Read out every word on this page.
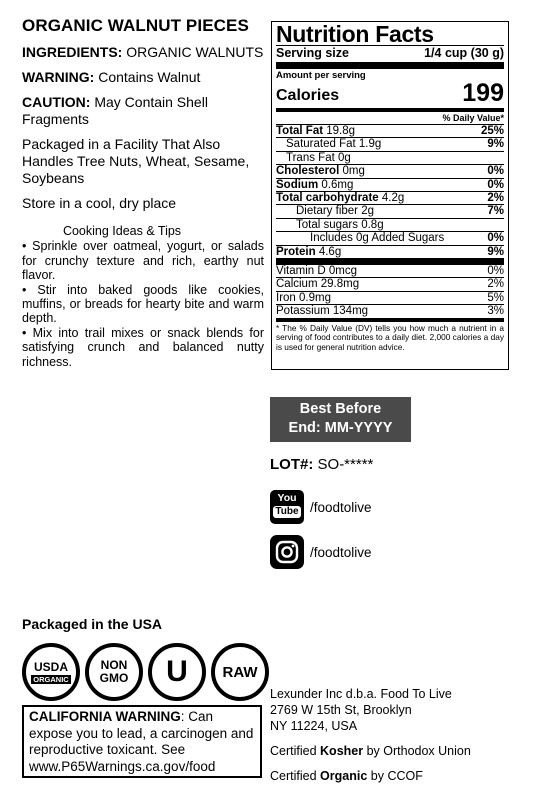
ORGANIC WALNUT PIECES
INGREDIENTS: ORGANIC WALNUTS
WARNING: Contains Walnut
CAUTION: May Contain Shell Fragments
Packaged in a Facility That Also Handles Tree Nuts, Wheat, Sesame, Soybeans
Store in a cool, dry place
Cooking Ideas & Tips
• Sprinkle over oatmeal, yogurt, or salads for crunchy texture and rich, earthy nut flavor.
• Stir into baked goods like cookies, muffins, or breads for hearty bite and warm depth.
• Mix into trail mixes or snack blends for satisfying crunch and balanced nutty richness.
Nutrition Facts
Serving size	1/4 cup (30 g)
Amount per serving
Calories	199
% Daily Value*
Total Fat 19.8g	25%
Saturated Fat 1.9g	9%
Trans Fat 0g
Cholesterol 0mg	0%
Sodium 0.6mg	0%
Total carbohydrate 4.2g	2%
Dietary fiber 2g	7%
Total sugars 0.8g
Includes 0g Added Sugars	0%
Protein 4.6g	9%
Vitamin D 0mcg	0%
Calcium 29.8mg	2%
Iron 0.9mg	5%
Potassium 134mg	3%
* The % Daily Value (DV) tells you how much a nutrient in a serving of food contributes to a daily diet. 2,000 calories a day is used for general nutrition advice.
Best Before
End: MM-YYYY
LOT#: SO-*****
You
Tube /foodtolive
/foodtolive
Packaged in the USA
USDA
ORGANIC
NON
GMO	U	RAW
CALIFORNIA WARNING: Can expose you to lead, a carcinogen and reproductive toxicant. See www.P65Warnings.ca.gov/food
Lexunder Inc d.b.a. Food To Live
2769 W 15th St, Brooklyn
NY 11224, USA
Certified Kosher by Orthodox Union
Certified Organic by CCOF
